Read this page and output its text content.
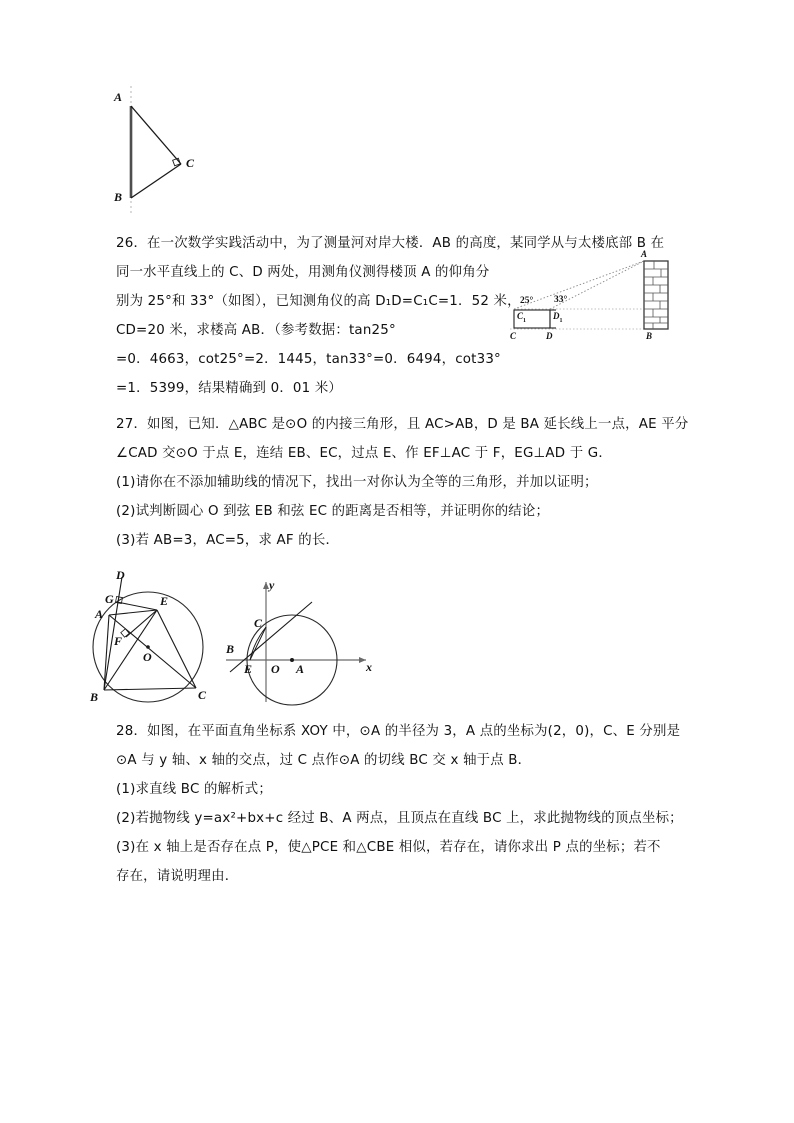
A
B
C
26．在一次数学实践活动中，为了测量河对岸大楼．AB 的高度，某同学从与太楼底部 B 在
同一水平直线上的 C、D 两处，用测角仪测得楼顶 A 的仰角分
别为 25°和 33°（如图），已知测角仪的高 D₁D=C₁C=1．52 米，
CD=20 米，求楼高 AB．（参考数据：tan25°
=0．4663，cot25°=2．1445，tan33°=0．6494，cot33°
=1．5399，结果精确到 0．01 米）
A
B
C	D
$C_1$	$D_1$
25° 33°
27．如图，已知．△ABC 是⊙O 的内接三角形，且 AC>AB，D 是 BA 延长线上一点，AE 平分
∠CAD 交⊙O 于点 E，连结 EB、EC，过点 E、作 EF⊥AC 于 F，EG⊥AD 于 G．
(1)请你在不添加辅助线的情况下，找出一对你认为全等的三角形，并加以证明；
(2)试判断圆心 O 到弦 EB 和弦 EC 的距离是否相等，并证明你的结论；
(3)若 AB=3，AC=5，求 AF 的长．
D
G
A
E
F
O
B	C
y
x
C
B
E O A
28．如图，在平面直角坐标系 XOY 中，⊙A 的半径为 3，A 点的坐标为(2，0)，C、E 分别是
⊙A 与 y 轴、x 轴的交点，过 C 点作⊙A 的切线 BC 交 x 轴于点 B．
(1)求直线 BC 的解析式；
(2)若抛物线 y=ax²+bx+c 经过 B、A 两点，且顶点在直线 BC 上，求此抛物线的顶点坐标；
(3)在 x 轴上是否存在点 P，使△PCE 和△CBE 相似，若存在，请你求出 P 点的坐标；若不
存在，请说明理由．
